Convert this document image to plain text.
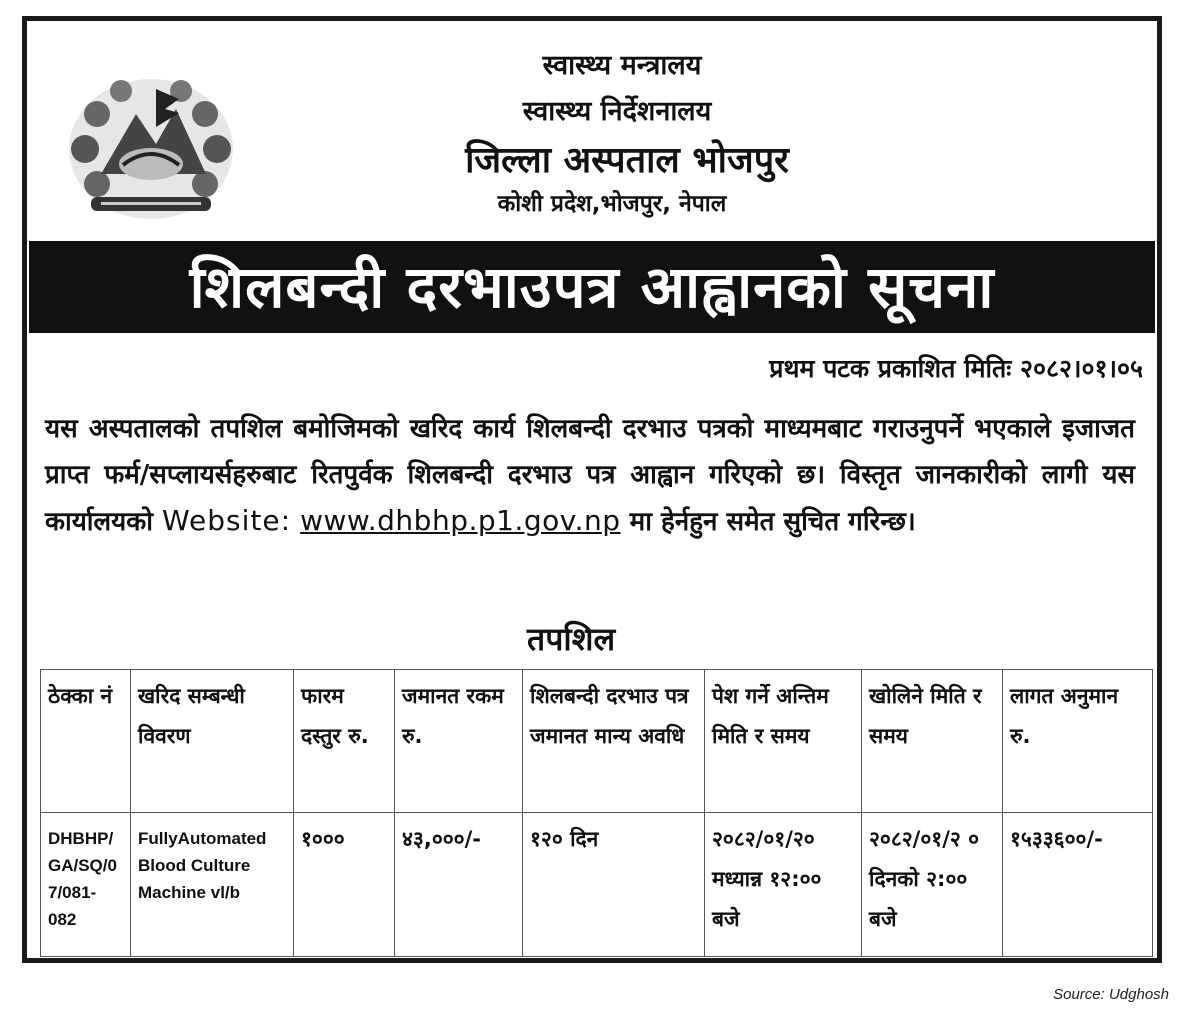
स्वास्थ्य मन्त्रालय
स्वास्थ्य निर्देशनालय
जिल्ला अस्पताल भोजपुर
कोशी प्रदेश,भोजपुर, नेपाल
शिलबन्दी दरभाउपत्र आह्वानको सूचना
प्रथम पटक प्रकाशित मितिः २०८२।०१।०५
यस अस्पतालको तपशिल बमोजिमको खरिद कार्य शिलबन्दी दरभाउ पत्रको माध्यमबाट गराउनुपर्ने भएकाले इजाजत प्राप्त फर्म/सप्लायर्सहरुबाट रितपुर्वक शिलबन्दी दरभाउ पत्र आह्वान गरिएको छ। विस्तृत जानकारीको लागी यस कार्यालयको Website: www.dhbhp.p1.gov.np मा हेर्नहुन समेत सुचित गरिन्छ।
तपशिल
ठेक्का नं	खरिद सम्बन्धी विवरण	फारम दस्तुर रु.	जमानत रकम रु.	शिलबन्दी दरभाउ पत्र जमानत मान्य अवधि	पेश गर्ने अन्तिम मिति र समय	खोलिने मिति र समय	लागत अनुमान रु.
DHBHP/ GA/SQ/0 7/081- 082	FullyAutomated Blood Culture Machine vl/b	१०००	४३,०००/-	१२० दिन	२०८२/०१/२० मध्यान्न १२:०० बजे	२०८२/०१/२ ० दिनको २:०० बजे	१५३३६००/-
Source: Udghosh
